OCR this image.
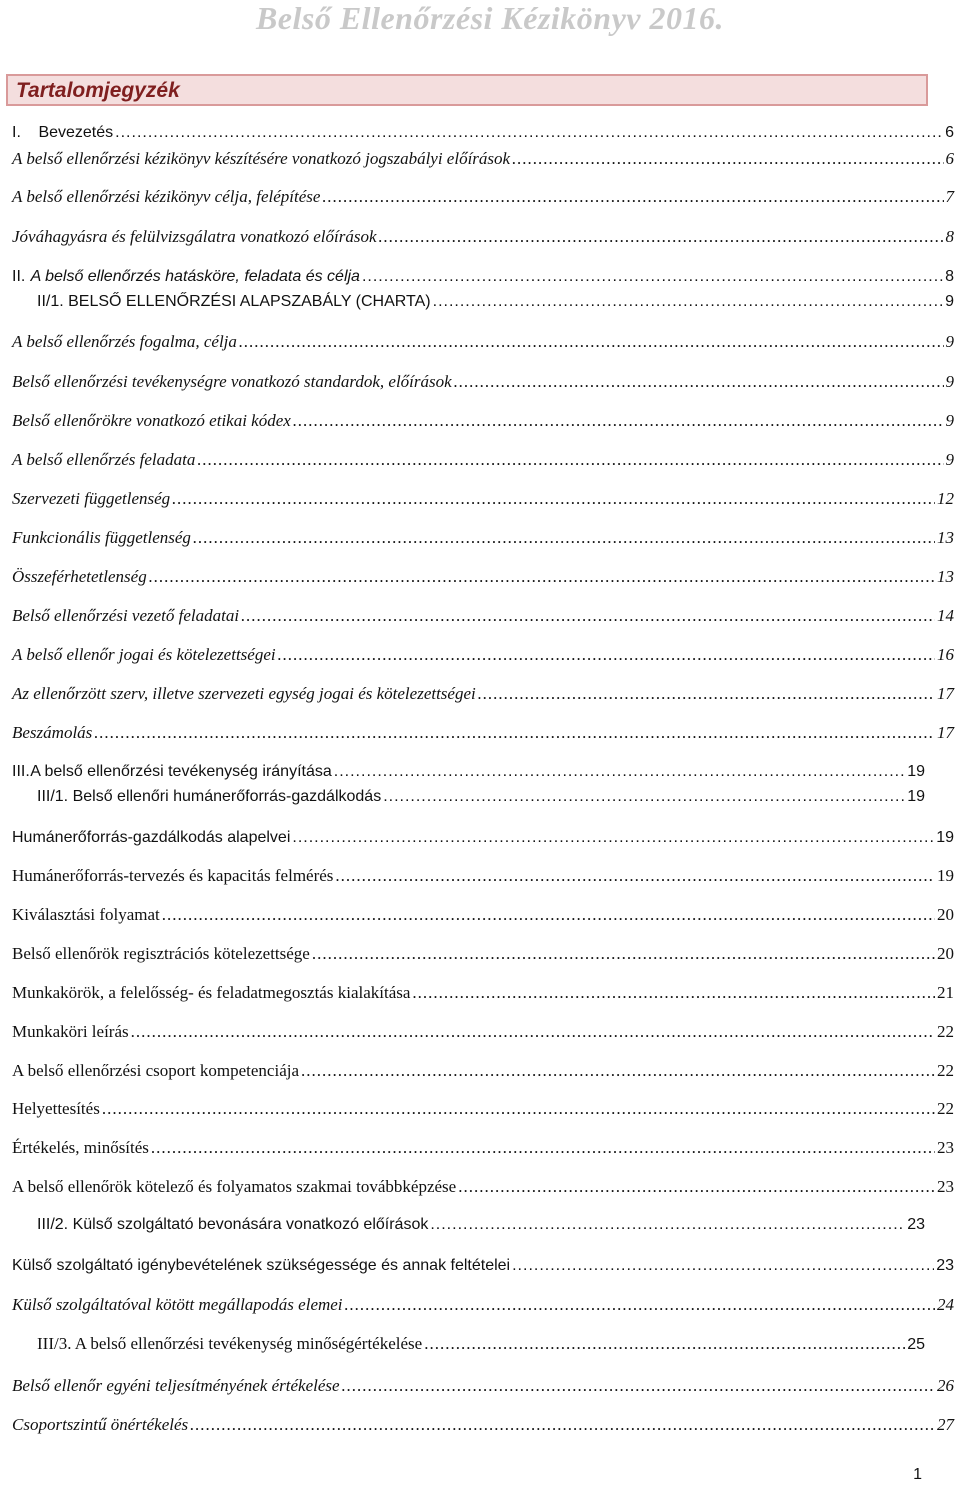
Belső Ellenőrzési Kézikönyv 2016.
Tartalomjegyzék
I.	Bevezetés .....	6
A belső ellenőrzési kézikönyv készítésére vonatkozó jogszabályi előírások .....	6
A belső ellenőrzési kézikönyv célja, felépítése .....	7
Jóváhagyásra és felülvizsgálatra vonatkozó előírások .....	8
II. A belső ellenőrzés hatásköre, feladata és célja .....	8
II/1. BELSŐ ELLENŐRZÉSI ALAPSZABÁLY (CHARTA) .....	9
A belső ellenőrzés fogalma, célja .....	9
Belső ellenőrzési tevékenységre vonatkozó standardok, előírások .....	9
Belső ellenőrökre vonatkozó etikai kódex .....	9
A belső ellenőrzés feladata .....	9
Szervezeti függetlenség .....	12
Funkcionális függetlenség .....	13
Összeférhetetlenség .....	13
Belső ellenőrzési vezető feladatai .....	14
A belső ellenőr jogai és kötelezettségei .....	16
Az ellenőrzött szerv, illetve szervezeti egység jogai és kötelezettségei .....	17
Beszámolás .....	17
III. A belső ellenőrzési tevékenység irányítása .....	19
III/1. Belső ellenőri humánerőforrás-gazdálkodás .....	19
Humánerőforrás-gazdálkodás alapelvei .....	19
Humánerőforrás-tervezés és kapacitás felmérés .....	19
Kiválasztási folyamat .....	20
Belső ellenőrök regisztrációs kötelezettsége .....	20
Munkakörök, a felelősség- és feladatmegosztás kialakítása .....	21
Munkaköri leírás .....	22
A belső ellenőrzési csoport kompetenciája .....	22
Helyettesítés .....	22
Értékelés, minősítés .....	23
A belső ellenőrök kötelező és folyamatos szakmai továbbképzése .....	23
III/2. Külső szolgáltató bevonására vonatkozó előírások .....	23
Külső szolgáltató igénybevételének szükségessége és annak feltételei .....	23
Külső szolgáltatóval kötött megállapodás elemei .....	24
III/3. A belső ellenőrzési tevékenység minőségértékelése .....	25
Belső ellenőr egyéni teljesítményének értékelése .....	26
Csoportszintű önértékelés .....	27
1
